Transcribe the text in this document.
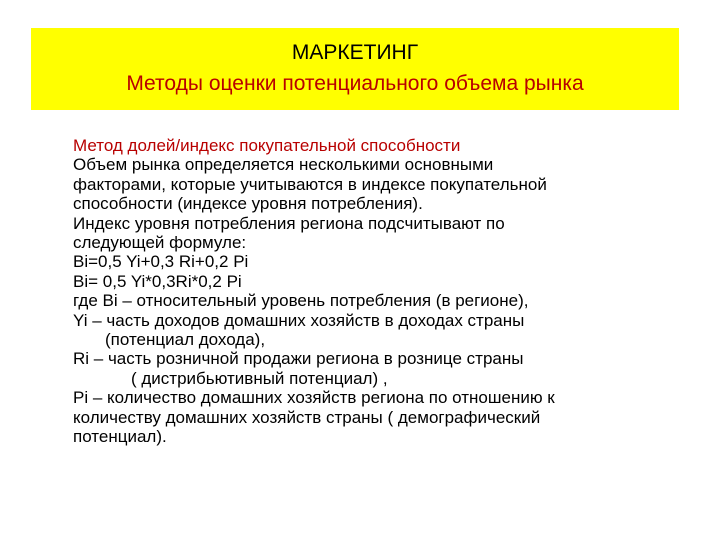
МАРКЕТИНГ
Методы оценки потенциального объема рынка
Метод долей/индекс покупательной способности
Объем рынка определяется несколькими основными
факторами, которые учитываются в индексе покупательной
способности (индексе уровня потребления).
Индекс уровня потребления региона подсчитывают по
следующей формуле:
Bi=0,5 Yi+0,3 Ri+0,2 Pi
Bi= 0,5 Yi*0,3Ri*0,2 Pi
где Bi – относительный уровень потребления (в регионе),
Yi – часть доходов домашних хозяйств в доходах страны
(потенциал дохода),
Ri – часть розничной продажи региона в рознице страны
( дистрибьютивный потенциал) ,
Pi – количество домашних хозяйств региона по отношению к
количеству домашних хозяйств страны ( демографический
потенциал).
